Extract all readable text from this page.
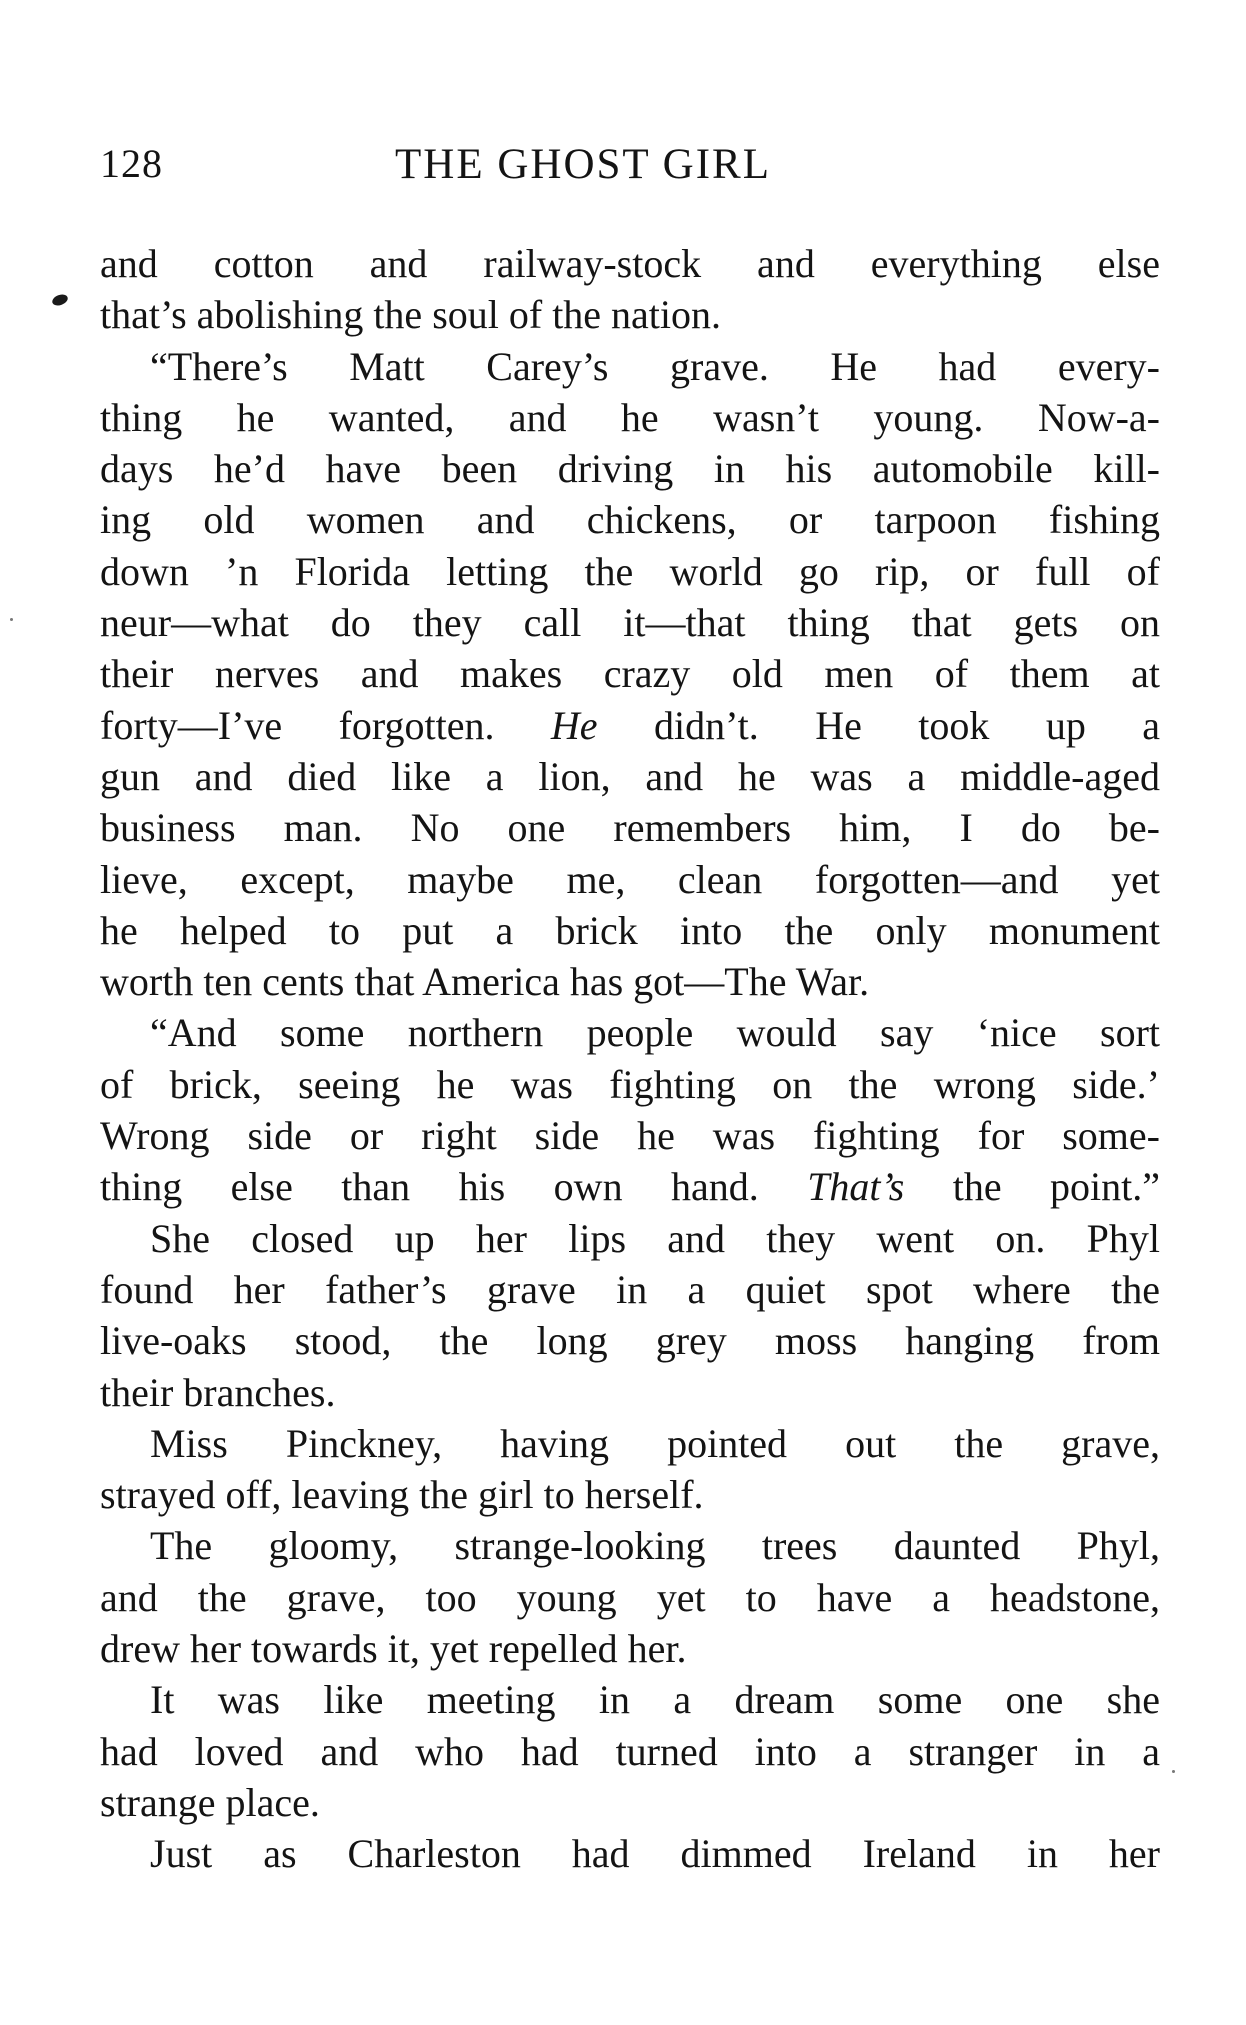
128	THE GHOST GIRL
and cotton and railway-stock and everything else
that’s abolishing the soul of the nation.
“There’s Matt Carey’s grave. He had every-
thing he wanted, and he wasn’t young. Now-a-
days he’d have been driving in his automobile kill-
ing old women and chickens, or tarpoon fishing
down ’n Florida letting the world go rip, or full of
neur—what do they call it—that thing that gets on
their nerves and makes crazy old men of them at
forty—I’ve forgotten. He didn’t. He took up a
gun and died like a lion, and he was a middle-aged
business man. No one remembers him, I do be-
lieve, except, maybe me, clean forgotten—and yet
he helped to put a brick into the only monument
worth ten cents that America has got—The War.
“And some northern people would say ‘nice sort
of brick, seeing he was fighting on the wrong side.’
Wrong side or right side he was fighting for some-
thing else than his own hand. That’s the point.”
She closed up her lips and they went on. Phyl
found her father’s grave in a quiet spot where the
live-oaks stood, the long grey moss hanging from
their branches.
Miss Pinckney, having pointed out the grave,
strayed off, leaving the girl to herself.
The gloomy, strange-looking trees daunted Phyl,
and the grave, too young yet to have a headstone,
drew her towards it, yet repelled her.
It was like meeting in a dream some one she
had loved and who had turned into a stranger in a
strange place.
Just as Charleston had dimmed Ireland in her
